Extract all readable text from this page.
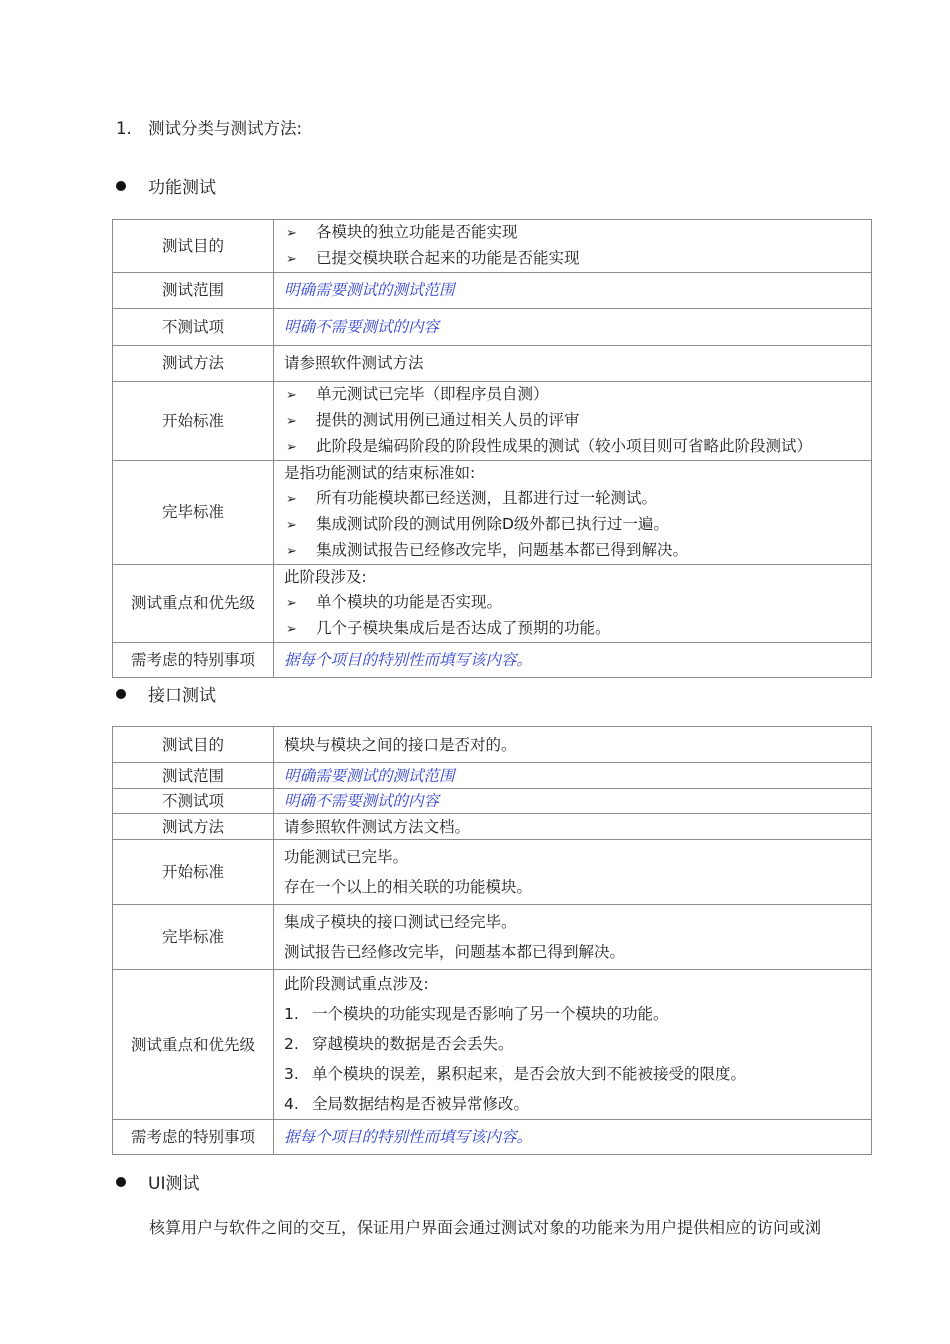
1. 测试分类与测试方法:
功能测试
测试目的	➢ 各模块的独立功能是否能实现
➢ 已提交模块联合起来的功能是否能实现

测试范围	明确需要测试的测试范围
不测试项	明确不需要测试的内容
测试方法	请参照软件测试方法
开始标准	➢ 单元测试已完毕（即程序员自测）
➢ 提供的测试用例已通过相关人员的评审
➢ 此阶段是编码阶段的阶段性成果的测试（较小项目则可省略此阶段测试）

完毕标准	是指功能测试的结束标准如:
➢ 所有功能模块都已经送测，且都进行过一轮测试。
➢ 集成测试阶段的测试用例除D级外都已执行过一遍。
➢ 集成测试报告已经修改完毕，问题基本都已得到解决。

测试重点和优先级	此阶段涉及:
➢ 单个模块的功能是否实现。
➢ 几个子模块集成后是否达成了预期的功能。

需考虑的特别事项	据每个项目的特别性而填写该内容。
接口测试
测试目的	模块与模块之间的接口是否对的。
测试范围	明确需要测试的测试范围
不测试项	明确不需要测试的内容
测试方法	请参照软件测试方法文档。
开始标准	功能测试已完毕。
存在一个以上的相关联的功能模块。

完毕标准	集成子模块的接口测试已经完毕。
测试报告已经修改完毕，问题基本都已得到解决。

测试重点和优先级	此阶段测试重点涉及:
1. 一个模块的功能实现是否影响了另一个模块的功能。
2. 穿越模块的数据是否会丢失。
3. 单个模块的误差，累积起来，是否会放大到不能被接受的限度。
4. 全局数据结构是否被异常修改。

需考虑的特别事项	据每个项目的特别性而填写该内容。
UI测试
核算用户与软件之间的交互，保证用户界面会通过测试对象的功能来为用户提供相应的访问或浏
